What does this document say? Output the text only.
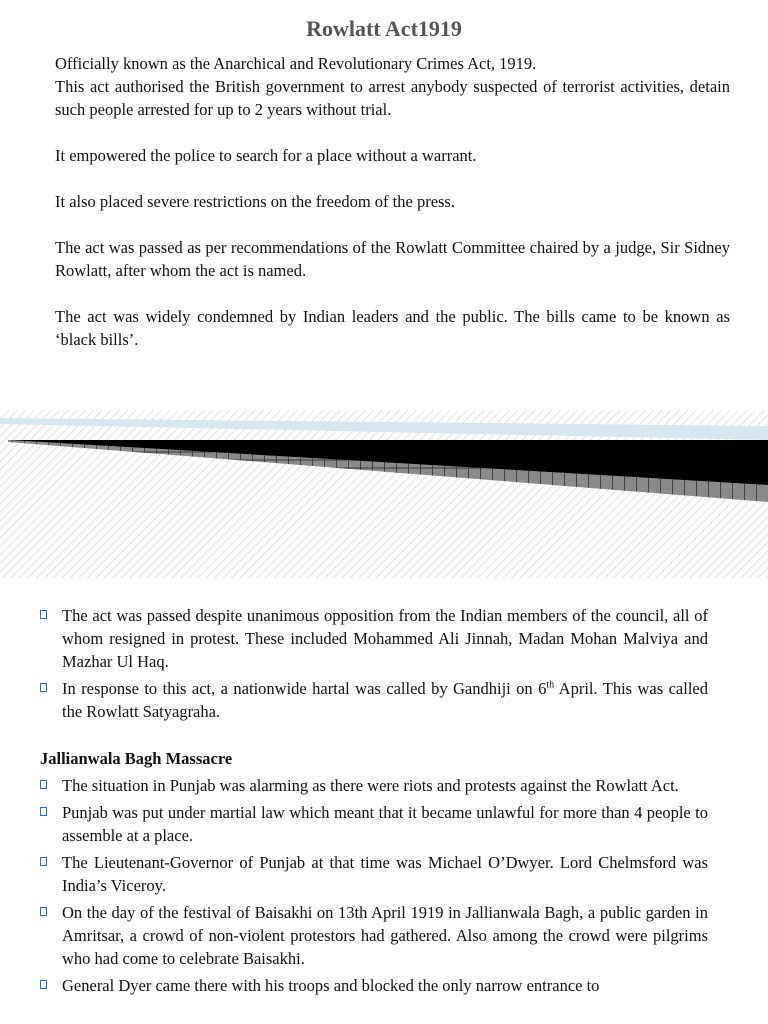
Rowlatt Act1919

Officially known as the Anarchical and Revolutionary Crimes Act, 1919.
This act authorised the British government to arrest anybody suspected of terrorist activities, detain such people arrested for up to 2 years without trial.

It empowered the police to search for a place without a warrant.

It also placed severe restrictions on the freedom of the press.

The act was passed as per recommendations of the Rowlatt Committee chaired by a judge, Sir Sidney Rowlatt, after whom the act is named.

The act was widely condemned by Indian leaders and the public. The bills came to be known as ‘black bills’.

The act was passed despite unanimous opposition from the Indian members of the council, all of whom resigned in protest. These included Mohammed Ali Jinnah, Madan Mohan Malviya and Mazhar Ul Haq.
In response to this act, a nationwide hartal was called by Gandhiji on 6th April. This was called the Rowlatt Satyagraha.
Jallianwala Bagh Massacre
The situation in Punjab was alarming as there were riots and protests against the Rowlatt Act.
Punjab was put under martial law which meant that it became unlawful for more than 4 people to assemble at a place.
The Lieutenant-Governor of Punjab at that time was Michael O’Dwyer. Lord Chelmsford was India’s Viceroy.
On the day of the festival of Baisakhi on 13th April 1919 in Jallianwala Bagh, a public garden in Amritsar, a crowd of non-violent protestors had gathered. Also among the crowd were pilgrims who had come to celebrate Baisakhi.
General Dyer came there with his troops and blocked the only narrow entrance to
